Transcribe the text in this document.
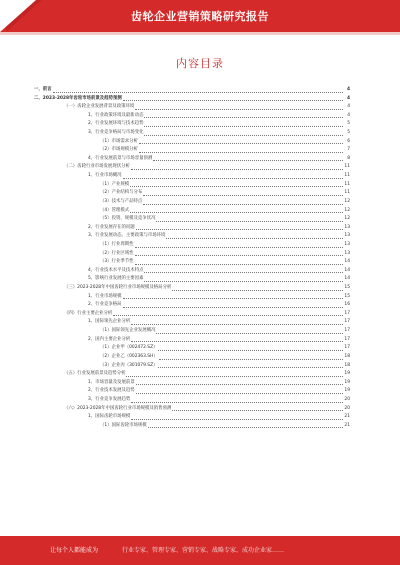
齿轮企业营销策略研究报告
内容目录
一、前言	4
二、2023-2028年齿轮市场前景及趋势预测	4
（一）齿轮企业发展背景及政策环境	4
1、行业政策环境及最新动态	4
2、行业发展环境与技术趋势	5
3、行业竞争格局与市场变化	5
（1）市场需求分析	6
（2）市场规模分析	7
4、行业发展前景与市场容量预测	8
（二）齿轮行业市场发展现状分析	11
1、行业市场概况	11
（1）产业规模	11
（2）产业结构与分布	11
（3）技术与产品特点	12
（4）管理模式	12
（5）投资、规模及竞争状况	12
2、行业发展存在的问题	13
3、行业发展动态、主要政策与市场环境	13
（1）行业周期性	13
（2）行业区域性	13
（3）行业季节性	14
4、行业技术水平及技术特点	14
5、影响行业发展的主要因素	14
（三）2023-2028年中国齿轮行业市场规模及格局分析	15
1、行业市场规模	15
2、行业竞争格局	16
（四）行业主要企业分析	17
1、国际领先企业分析	17
（1）国际领先企业发展概况	17
2、国内主要企业分析	17
（1）企业甲（002472.SZ）	17
（2）企业乙（002363.SH）	18
（3）企业丙（301079.SZ）	18
（五）行业发展前景及趋势分析	19
1、市场容量及发展前景	19
2、行业技术发展及趋势	19
3、行业竞争发展趋势	20
（六）2023-2028年中国齿轮行业市场规模及销售预测	20
1、国际齿轮市场规模	21
（1）国际齿轮市场规模	21
让每个人都能成为	行业专家、管理专家、营销专家、战略专家、成功企业家……
